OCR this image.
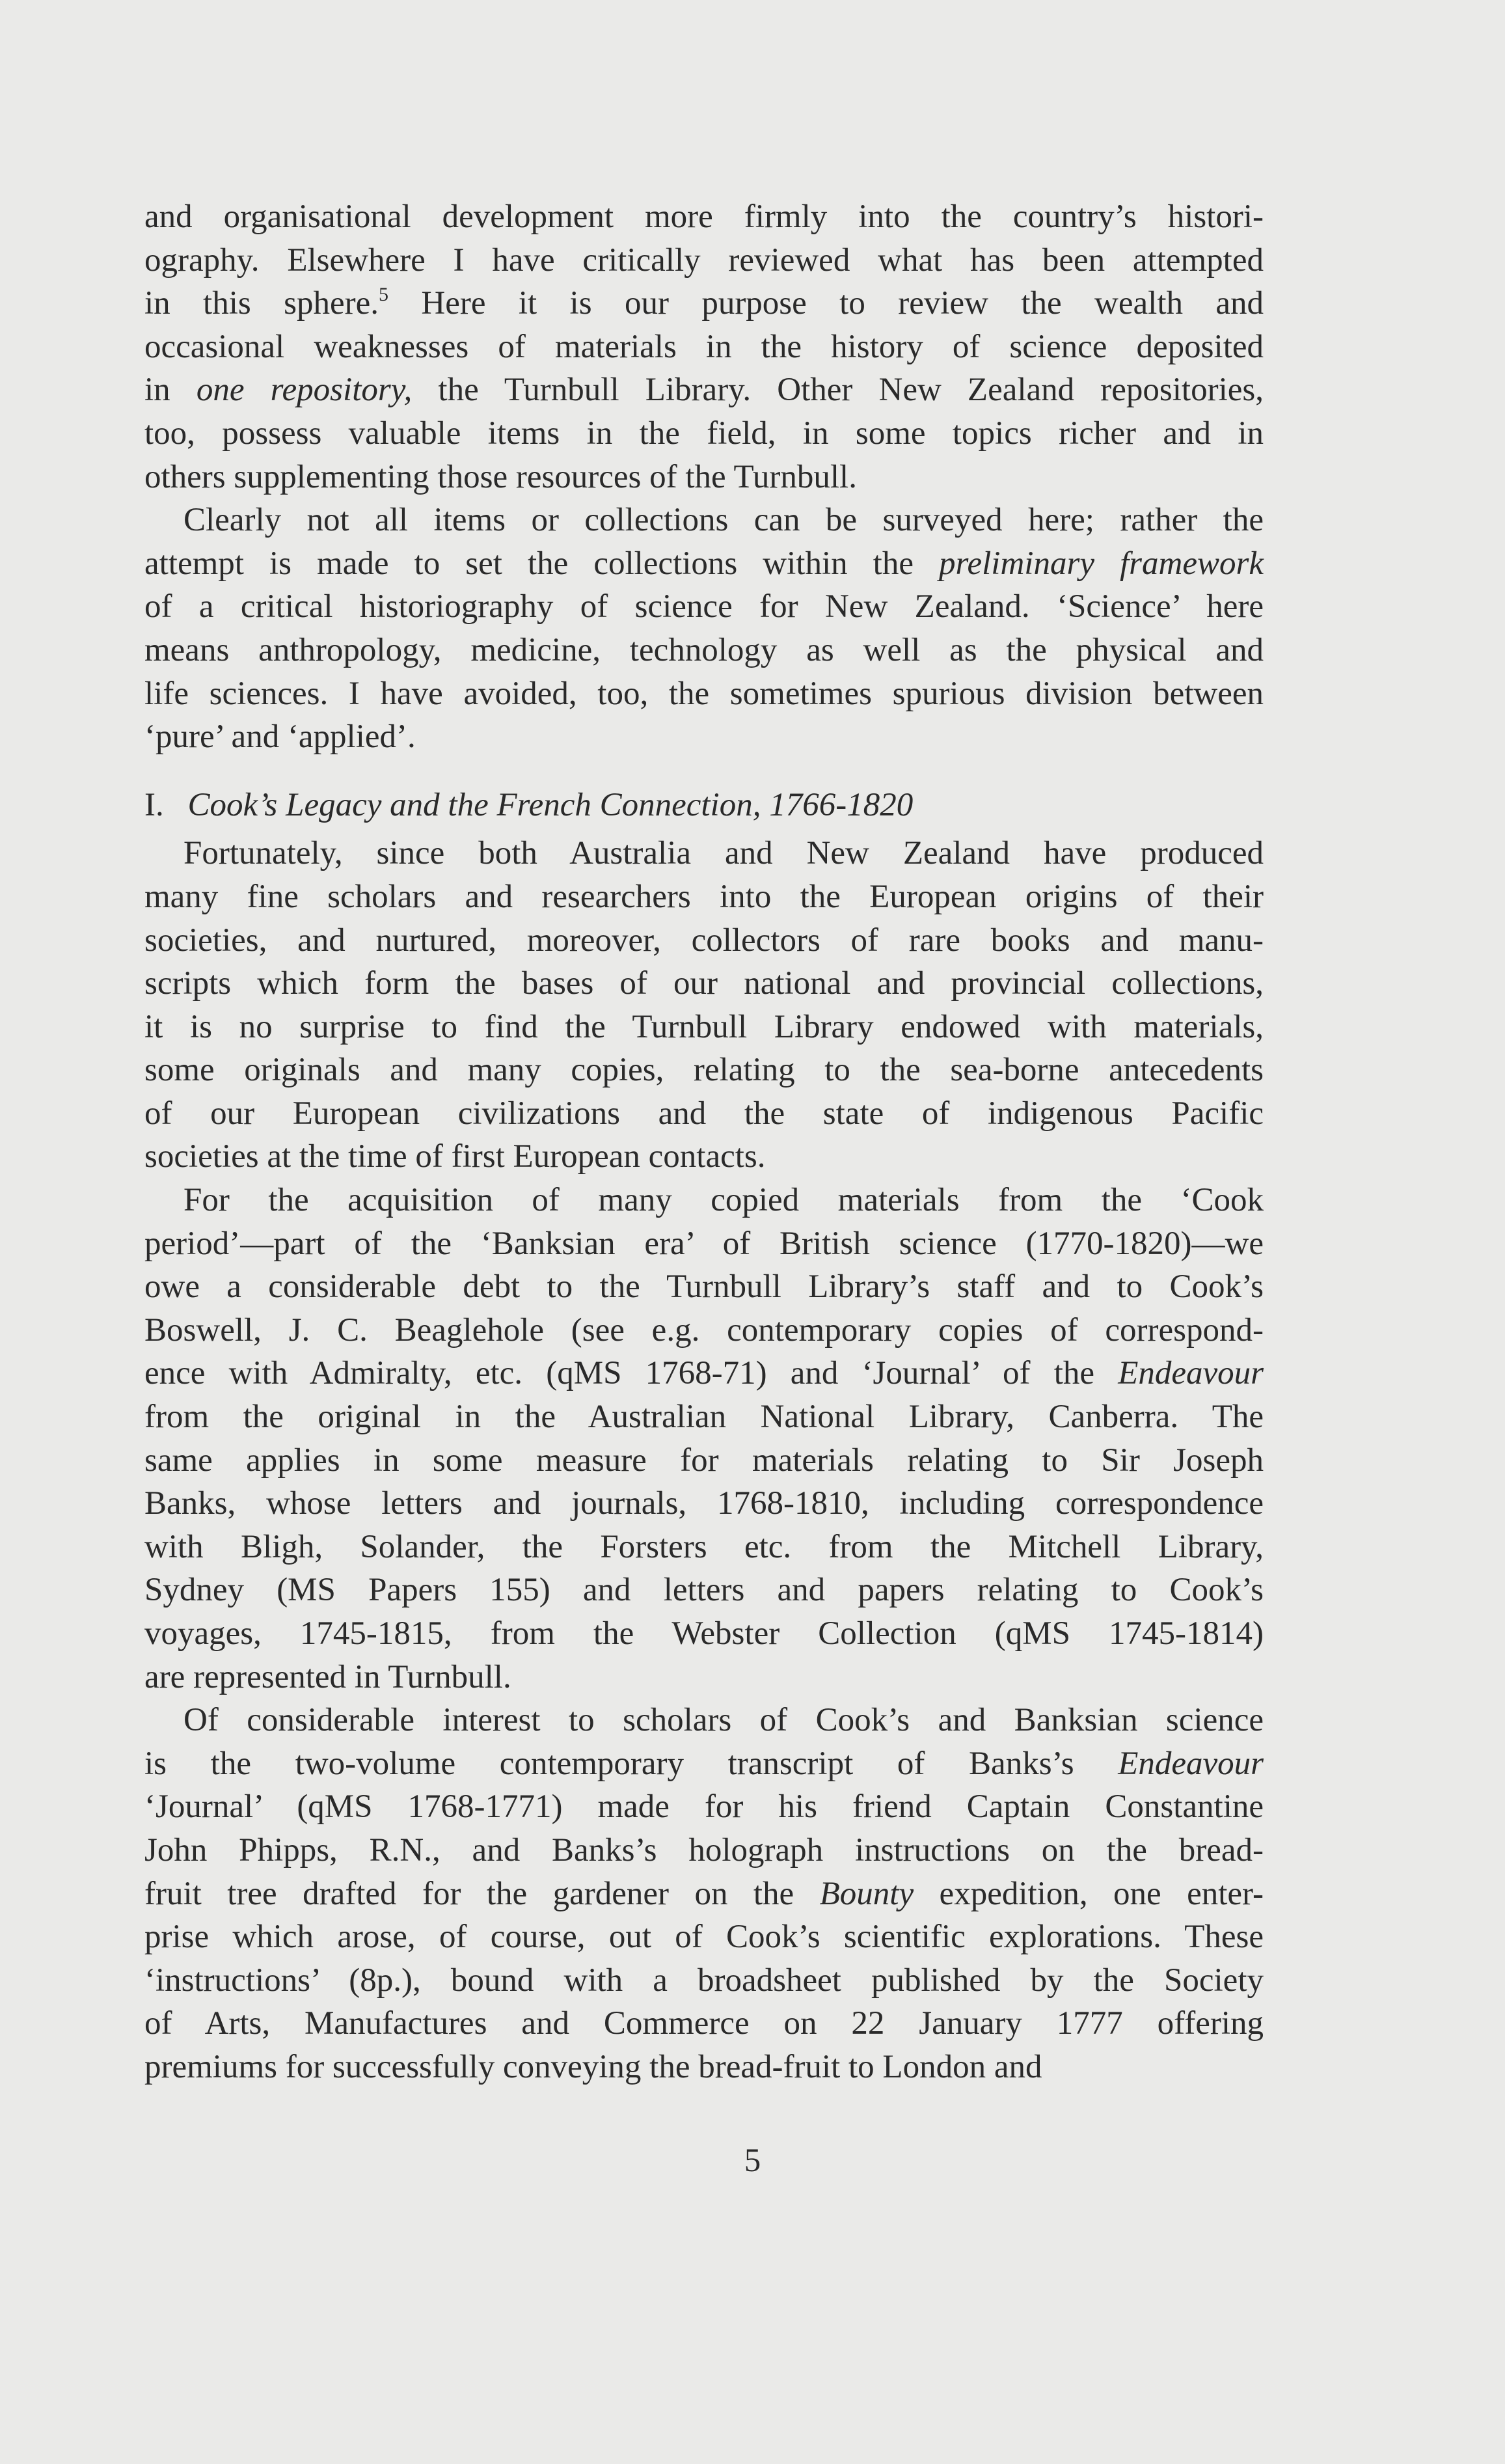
and organisational development more firmly into the country’s histori-
ography. Elsewhere I have critically reviewed what has been attempted
in this sphere.$^5$ Here it is our purpose to review the wealth and
occasional weaknesses of materials in the history of science deposited
in one repository, the Turnbull Library. Other New Zealand repositories,
too, possess valuable items in the field, in some topics richer and in
others supplementing those resources of the Turnbull.
Clearly not all items or collections can be surveyed here; rather the
attempt is made to set the collections within the preliminary framework
of a critical historiography of science for New Zealand. ‘Science’ here
means anthropology, medicine, technology as well as the physical and
life sciences. I have avoided, too, the sometimes spurious division between
‘pure’ and ‘applied’.
I. Cook’s Legacy and the French Connection, 1766-1820
Fortunately, since both Australia and New Zealand have produced
many fine scholars and researchers into the European origins of their
societies, and nurtured, moreover, collectors of rare books and manu-
scripts which form the bases of our national and provincial collections,
it is no surprise to find the Turnbull Library endowed with materials,
some originals and many copies, relating to the sea-borne antecedents
of our European civilizations and the state of indigenous Pacific
societies at the time of first European contacts.
For the acquisition of many copied materials from the ‘Cook
period’—part of the ‘Banksian era’ of British science (1770-1820)—we
owe a considerable debt to the Turnbull Library’s staff and to Cook’s
Boswell, J. C. Beaglehole (see e.g. contemporary copies of correspond-
ence with Admiralty, etc. (qMS 1768-71) and ‘Journal’ of the Endeavour
from the original in the Australian National Library, Canberra. The
same applies in some measure for materials relating to Sir Joseph
Banks, whose letters and journals, 1768-1810, including correspondence
with Bligh, Solander, the Forsters etc. from the Mitchell Library,
Sydney (MS Papers 155) and letters and papers relating to Cook’s
voyages, 1745-1815, from the Webster Collection (qMS 1745-1814)
are represented in Turnbull.
Of considerable interest to scholars of Cook’s and Banksian science
is the two-volume contemporary transcript of Banks’s Endeavour
‘Journal’ (qMS 1768-1771) made for his friend Captain Constantine
John Phipps, R.N., and Banks’s holograph instructions on the bread-
fruit tree drafted for the gardener on the Bounty expedition, one enter-
prise which arose, of course, out of Cook’s scientific explorations. These
‘instructions’ (8p.), bound with a broadsheet published by the Society
of Arts, Manufactures and Commerce on 22 January 1777 offering
premiums for successfully conveying the bread-fruit to London and
5
